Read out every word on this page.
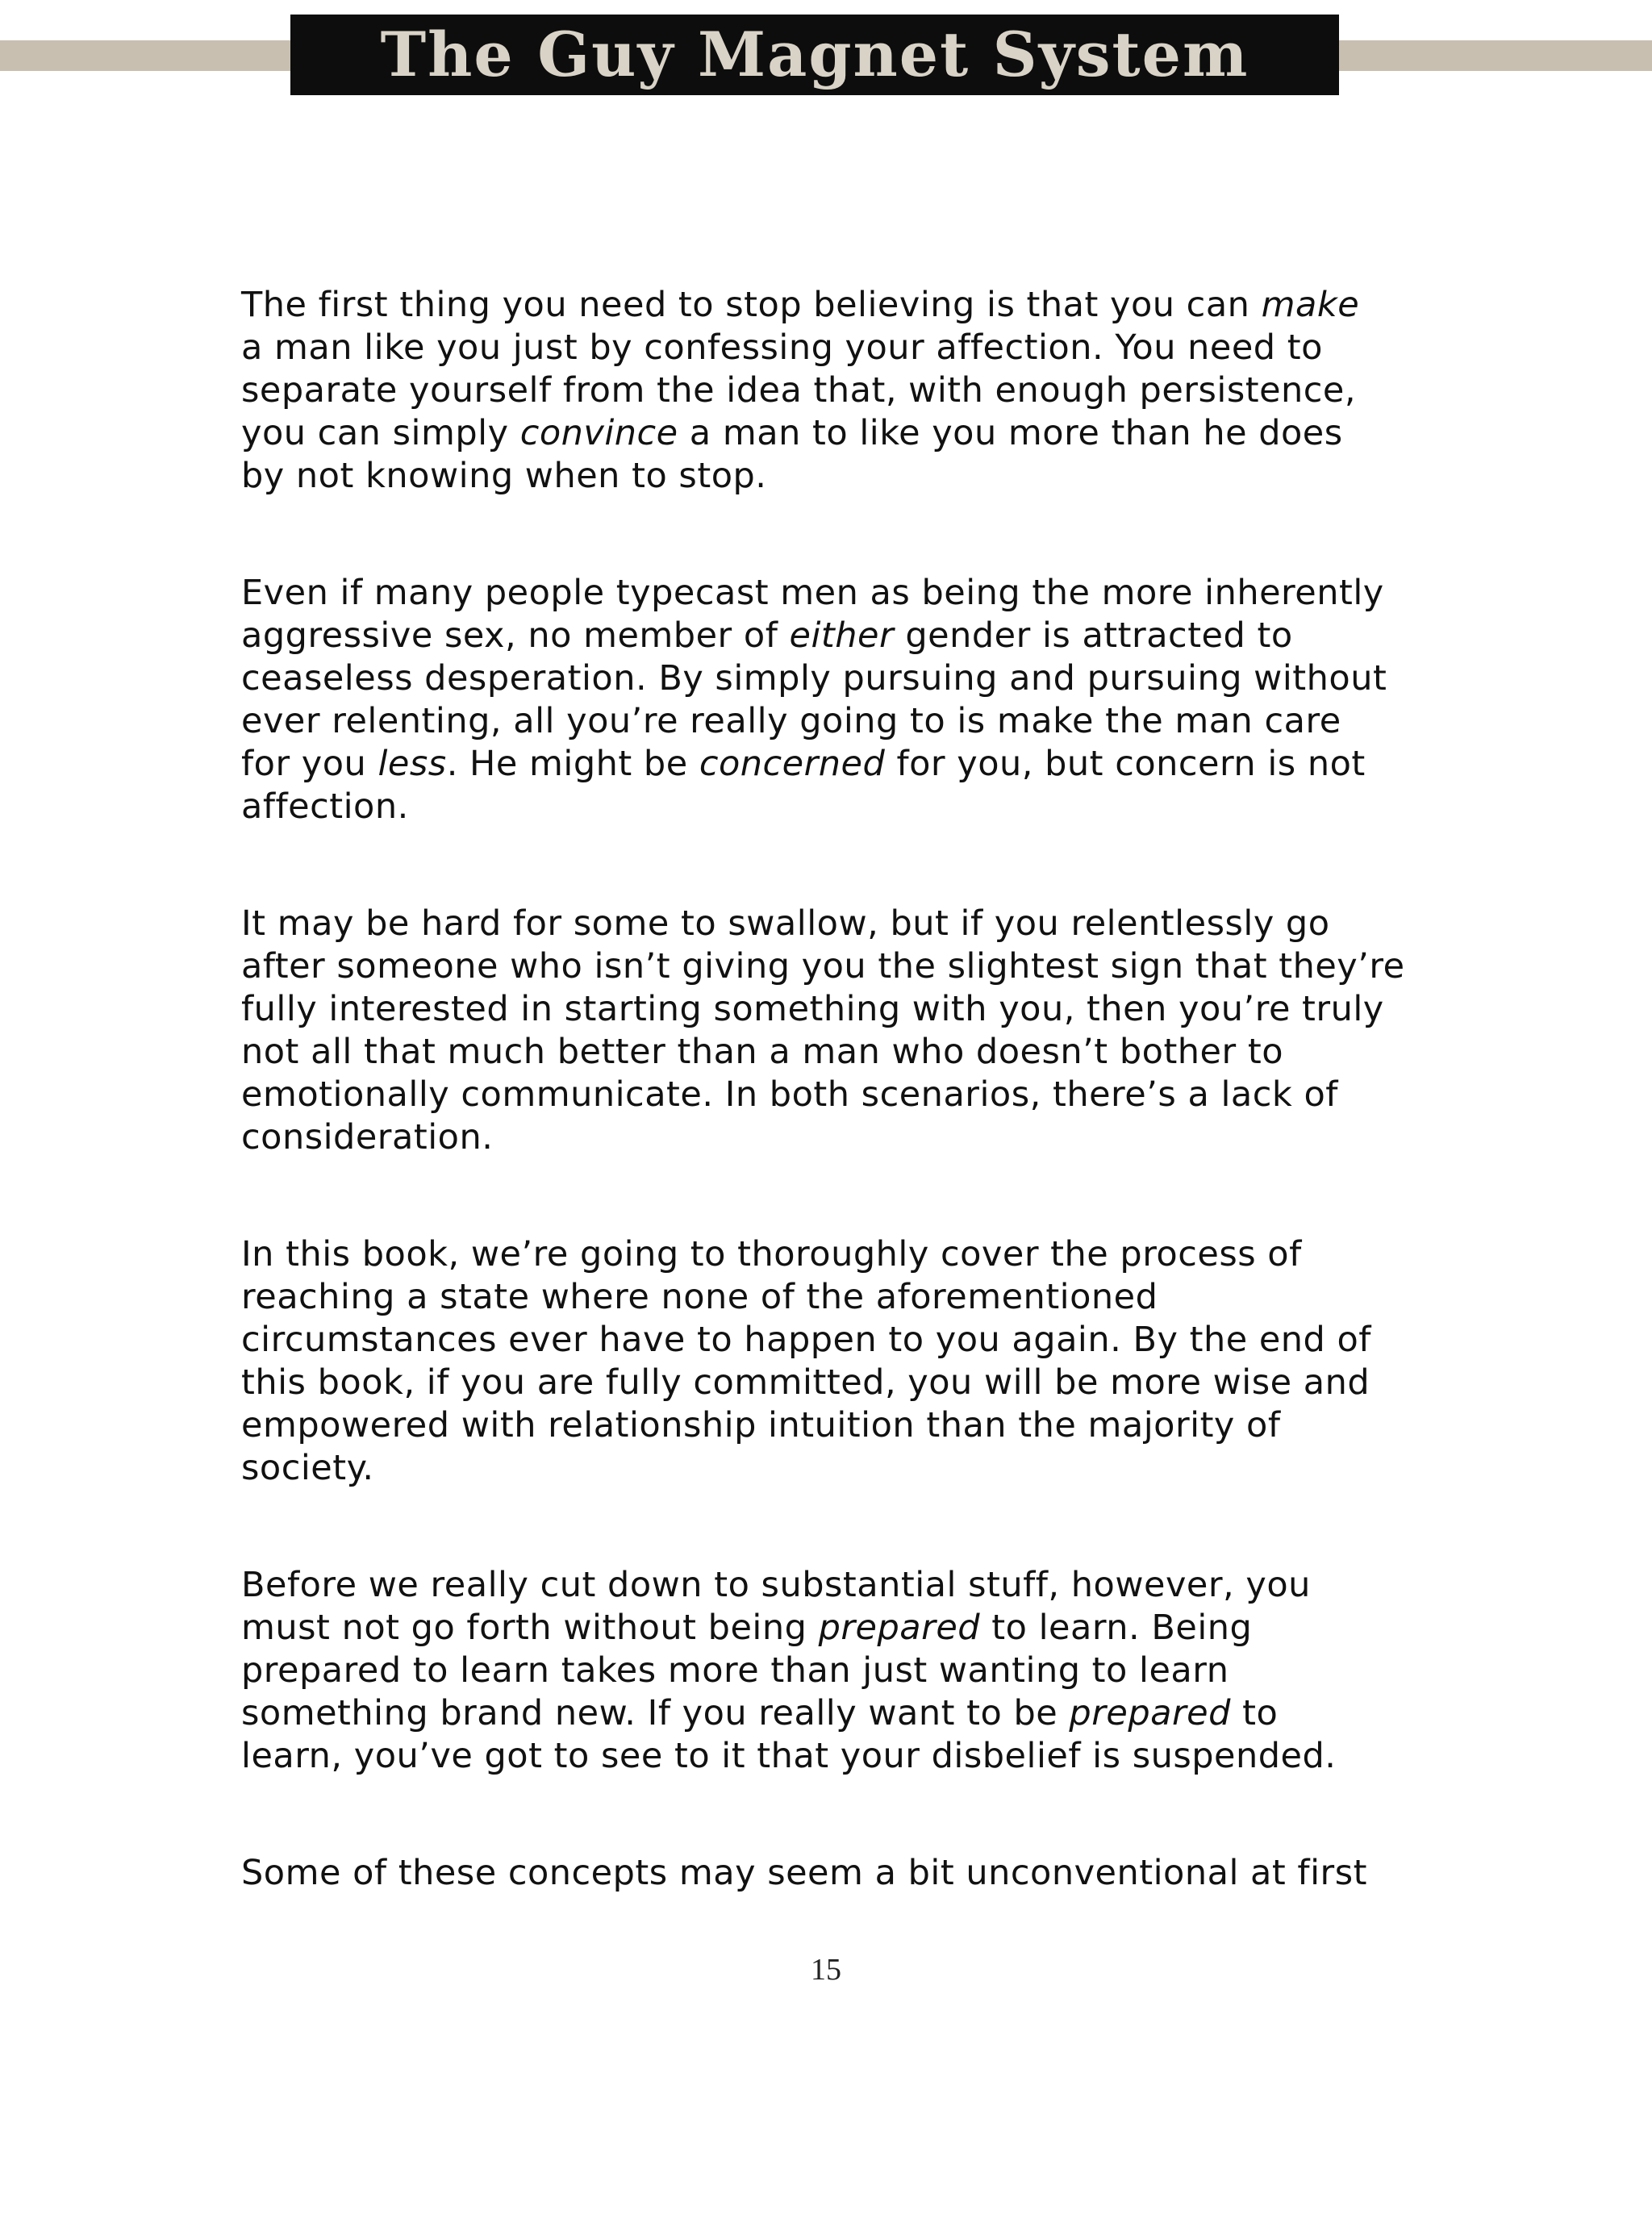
The Guy Magnet System

The first thing you need to stop believing is that you can make
a man like you just by confessing your affection. You need to
separate yourself from the idea that, with enough persistence,
you can simply convince a man to like you more than he does
by not knowing when to stop.

Even if many people typecast men as being the more inherently
aggressive sex, no member of either gender is attracted to
ceaseless desperation. By simply pursuing and pursuing without
ever relenting, all you’re really going to is make the man care
for you less. He might be concerned for you, but concern is not
affection.

It may be hard for some to swallow, but if you relentlessly go
after someone who isn’t giving you the slightest sign that they’re
fully interested in starting something with you, then you’re truly
not all that much better than a man who doesn’t bother to
emotionally communicate. In both scenarios, there’s a lack of
consideration.

In this book, we’re going to thoroughly cover the process of
reaching a state where none of the aforementioned
circumstances ever have to happen to you again. By the end of
this book, if you are fully committed, you will be more wise and
empowered with relationship intuition than the majority of
society.

Before we really cut down to substantial stuff, however, you
must not go forth without being prepared to learn. Being
prepared to learn takes more than just wanting to learn
something brand new. If you really want to be prepared to
learn, you’ve got to see to it that your disbelief is suspended.

Some of these concepts may seem a bit unconventional at first

15
